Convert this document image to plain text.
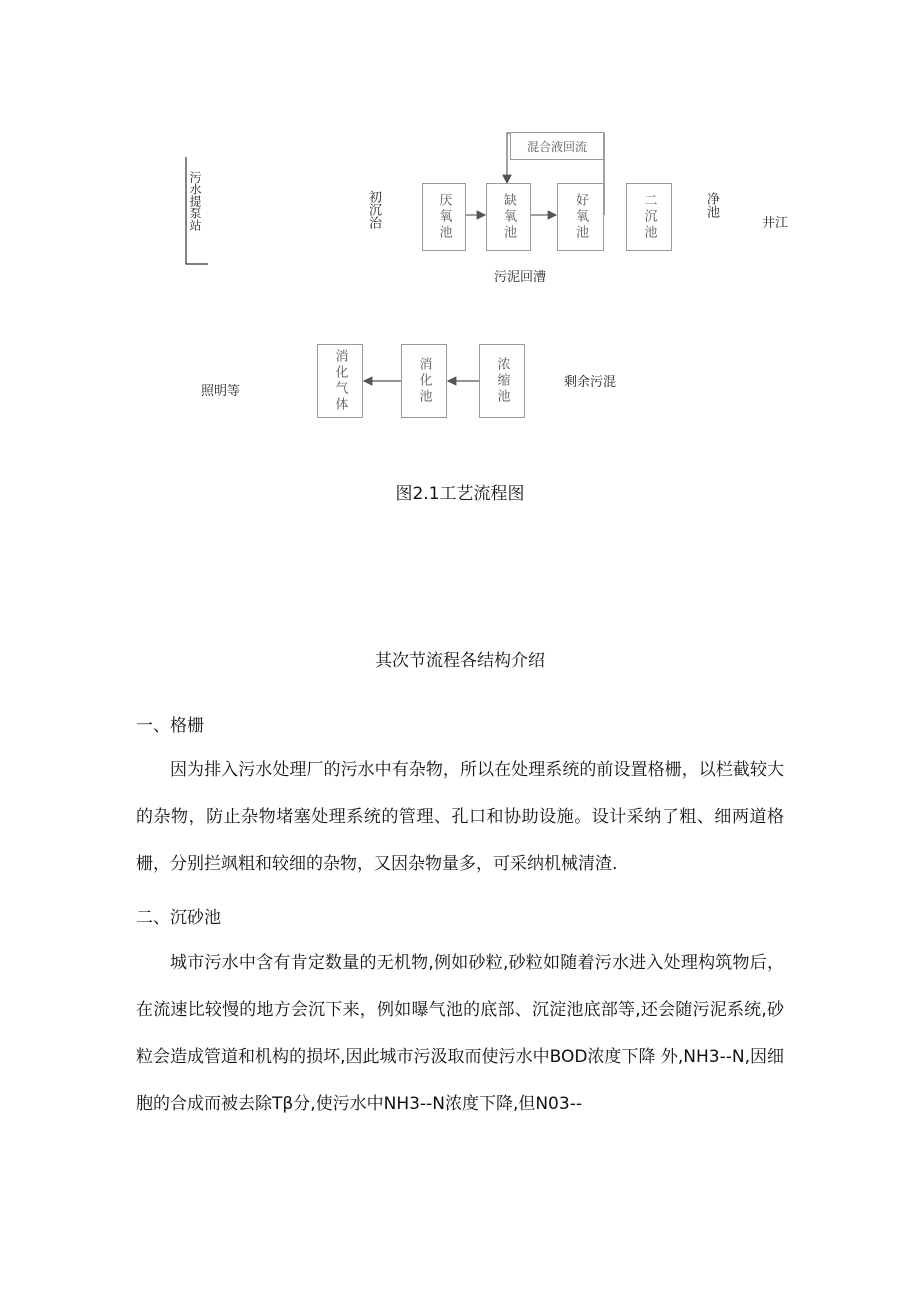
污水提泵站	初沉治
混合液回流
厌氧池	缺氧池	好氧池	二沉池	净池
井江
污泥回漕
消化气体	消化池	浓缩池	剩余污混
照明等
图2.1工艺流程图
其次节流程各结构介绍
一、格栅

因为排入污水处理厂的污水中有杂物，所以在处理系统的前设置格栅，以栏截较大的杂物，防止杂物堵塞处理系统的管理、孔口和协助设施。设计采纳了粗、细两道格栅，分别拦飒粗和较细的杂物，又因杂物量多，可采纳机械清渣.

二、沉砂池

城市污水中含有肯定数量的无机物,例如砂粒,砂粒如随着污水进入处理构筑物后，在流速比较慢的地方会沉下来，例如曝气池的底部、沉淀池底部等,还会随污泥系统,砂粒会造成管道和机构的损坏,因此城市污汲取而使污水中BOD浓度下降 外,NH3--N,因细胞的合成而被去除Tβ分,使污水中NH3--N浓度下降,但N03--
